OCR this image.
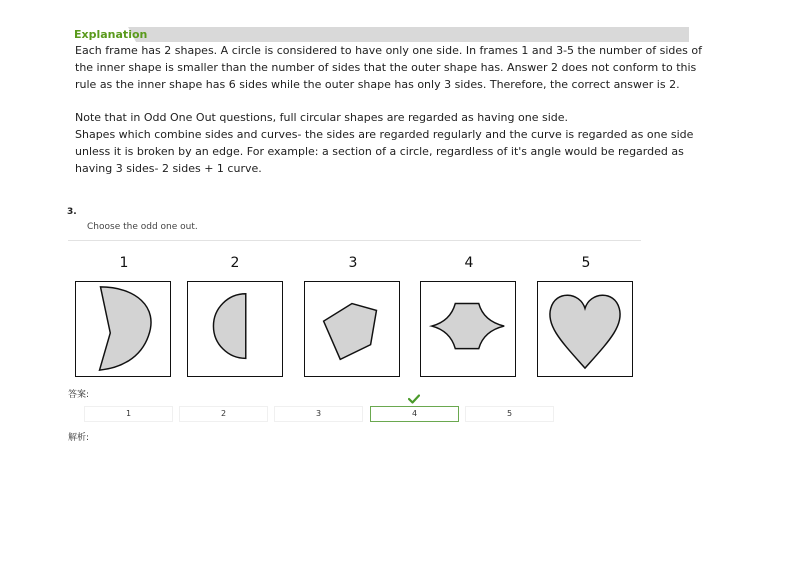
Explanation

Each frame has 2 shapes. A circle is considered to have only one side. In frames 1 and 3-5 the number of sides of

the inner shape is smaller than the number of sides that the outer shape has. Answer 2 does not conform to this

rule as the inner shape has 6 sides while the outer shape has only 3 sides. Therefore, the correct answer is 2.

Note that in Odd One Out questions, full circular shapes are regarded as having one side.

Shapes which combine sides and curves- the sides are regarded regularly and the curve is regarded as one side

unless it is broken by an edge. For example: a section of a circle, regardless of it's angle would be regarded as

having 3 sides- 2 sides + 1 curve.

3.
Choose the odd one out.
1	2	3	4	5
答案:
1	2	3	4	5
解析:
